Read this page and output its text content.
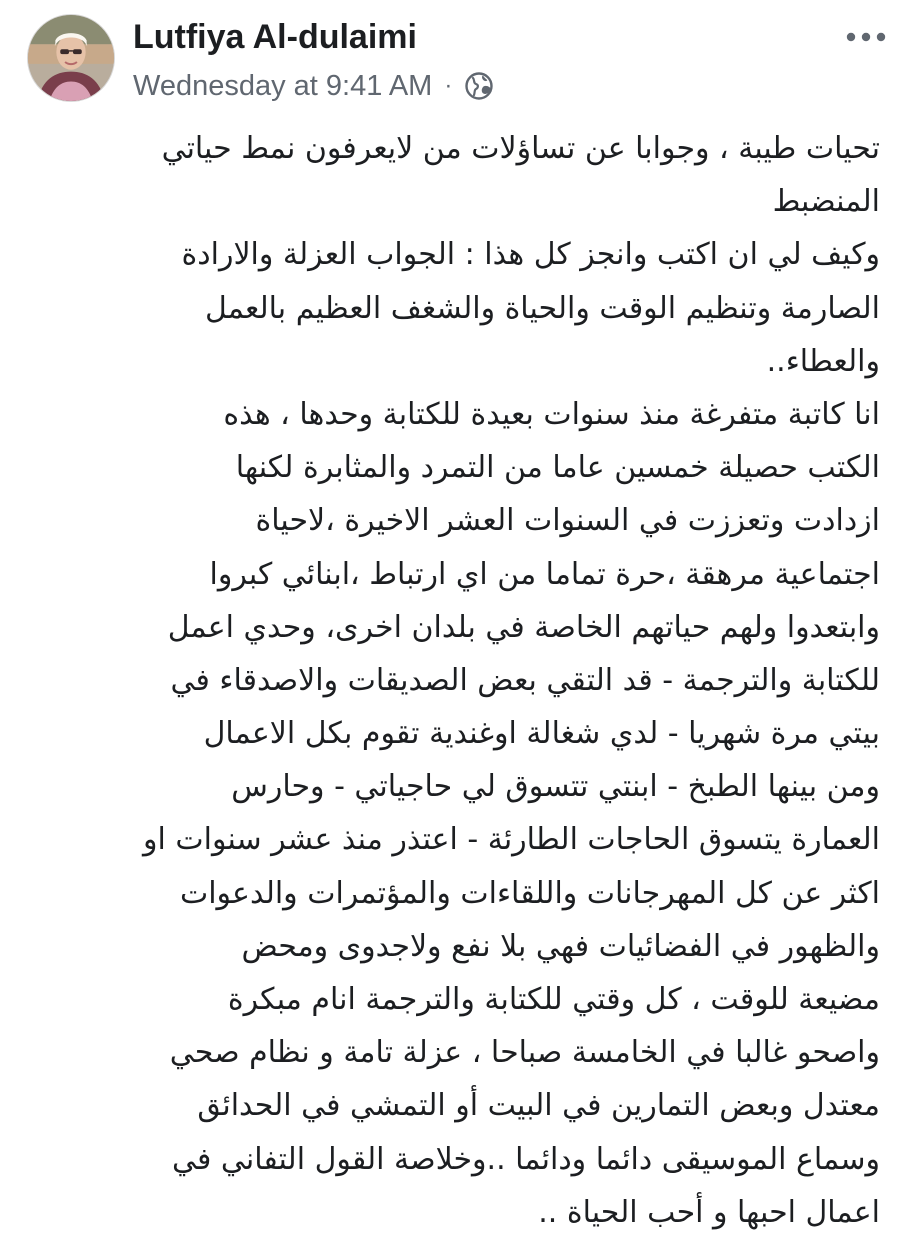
Lutfiya Al-dulaimi
Wednesday at 9:41 AM ·
تحيات طيبة ، وجوابا عن تساؤلات من لايعرفون نمط حياتي
المنضبط
وكيف لي ان اكتب وانجز كل هذا : الجواب العزلة والارادة
الصارمة وتنظيم الوقت والحياة والشغف العظيم بالعمل
والعطاء..
انا كاتبة متفرغة منذ سنوات بعيدة للكتابة وحدها ، هذه
الكتب حصيلة خمسين عاما من التمرد والمثابرة لكنها
ازدادت وتعززت في السنوات العشر الاخيرة ،لاحياة
اجتماعية مرهقة ،حرة تماما من اي ارتباط ،ابنائي كبروا
وابتعدوا ولهم حياتهم الخاصة في بلدان اخرى، وحدي اعمل
للكتابة والترجمة - قد التقي بعض الصديقات والاصدقاء في
بيتي مرة شهريا - لدي شغالة اوغندية تقوم بكل الاعمال
ومن بينها الطبخ - ابنتي تتسوق لي حاجياتي - وحارس
العمارة يتسوق الحاجات الطارئة - اعتذر منذ عشر سنوات او
اكثر عن كل المهرجانات واللقاءات والمؤتمرات والدعوات
والظهور في الفضائيات فهي بلا نفع ولاجدوى ومحض
مضيعة للوقت ، كل وقتي للكتابة والترجمة انام مبكرة
واصحو غالبا في الخامسة صباحا ، عزلة تامة و نظام صحي
معتدل وبعض التمارين في البيت أو التمشي في الحدائق
وسماع الموسيقى دائما ودائما ..وخلاصة القول التفاني في
اعمال احبها و أحب الحياة ..
